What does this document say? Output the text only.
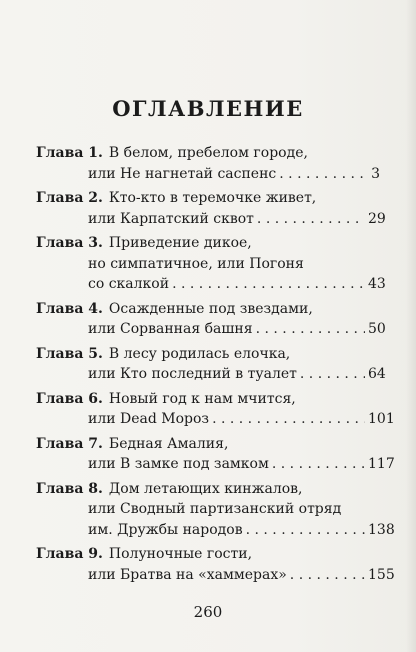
ОГЛАВЛЕНИЕ
Глава 1. В белом, пребелом городе,
или Не нагнетай саспенс . . .	3
Глава 2. Кто-кто в теремочке живет,
или Карпатский сквот . . .	29
Глава 3. Приведение дикое,
но симпатичное, или Погоня
со скалкой . . .	43
Глава 4. Осажденные под звездами,
или Сорванная башня . . .	50
Глава 5. В лесу родилась елочка,
или Кто последний в туалет . . .	64
Глава 6. Новый год к нам мчится,
или Dead Мороз . . .	101
Глава 7. Бедная Амалия,
или В замке под замком . . .	117
Глава 8. Дом летающих кинжалов,
или Сводный партизанский отряд
им. Дружбы народов . . .	138
Глава 9. Полуночные гости,
или Братва на «хаммерах» . . .	155
260
